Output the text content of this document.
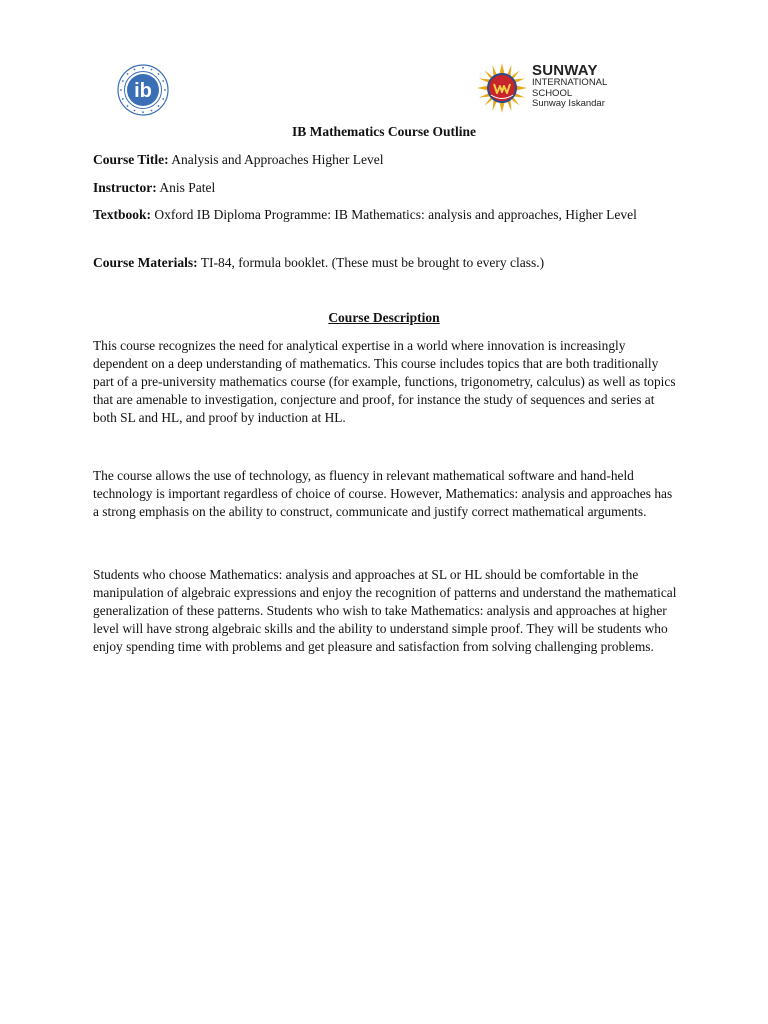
ib
SUNWAY
INTERNATIONAL
SCHOOL
Sunway Iskandar
IB Mathematics Course Outline
Course Title: Analysis and Approaches Higher Level
Instructor: Anis Patel
Textbook: Oxford IB Diploma Programme: IB Mathematics: analysis and approaches, Higher Level
Course Materials: TI-84, formula booklet. (These must be brought to every class.)
Course Description
This course recognizes the need for analytical expertise in a world where innovation is increasingly dependent on a deep understanding of mathematics. This course includes topics that are both traditionally part of a pre-university mathematics course (for example, functions, trigonometry, calculus) as well as topics that are amenable to investigation, conjecture and proof, for instance the study of sequences and series at both SL and HL, and proof by induction at HL.
The course allows the use of technology, as fluency in relevant mathematical software and hand-held technology is important regardless of choice of course. However, Mathematics: analysis and approaches has a strong emphasis on the ability to construct, communicate and justify correct mathematical arguments.
Students who choose Mathematics: analysis and approaches at SL or HL should be comfortable in the manipulation of algebraic expressions and enjoy the recognition of patterns and understand the mathematical generalization of these patterns. Students who wish to take Mathematics: analysis and approaches at higher level will have strong algebraic skills and the ability to understand simple proof. They will be students who enjoy spending time with problems and get pleasure and satisfaction from solving challenging problems.
